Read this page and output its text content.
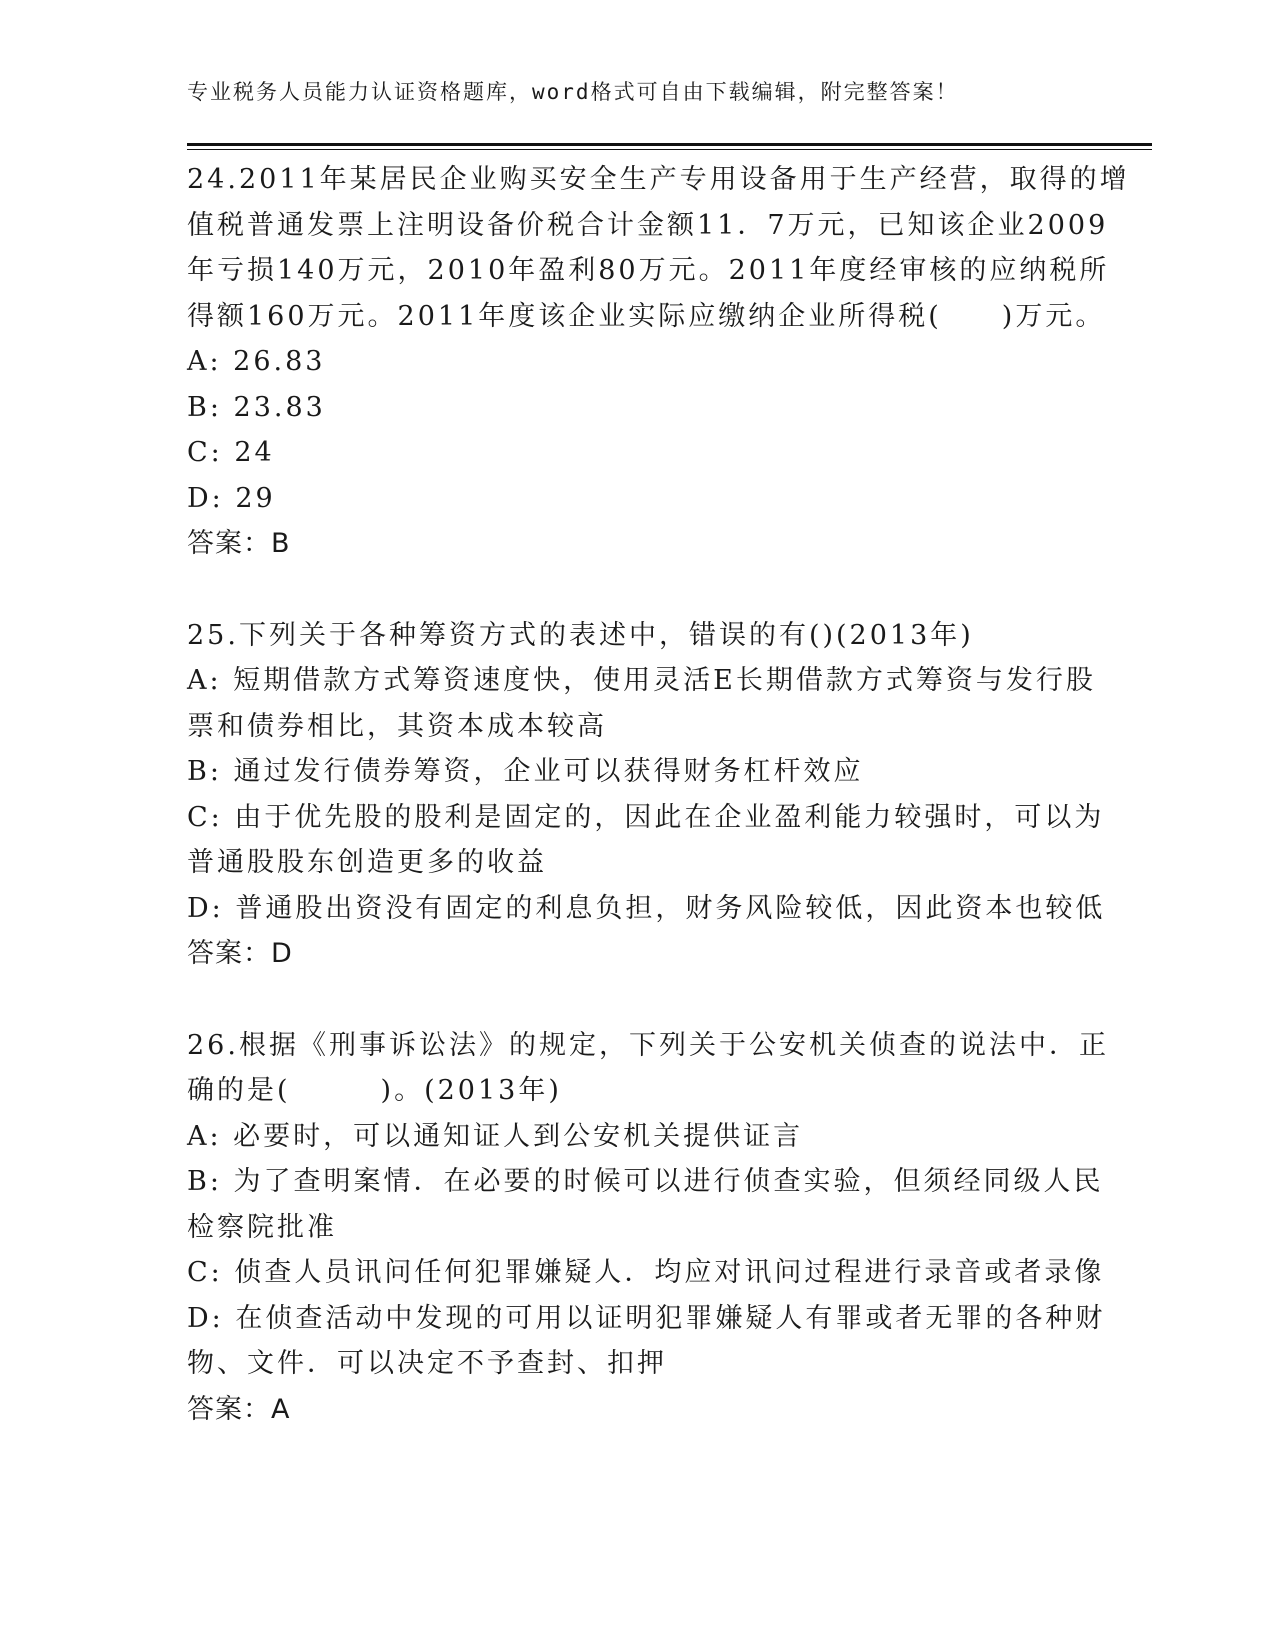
专业税务人员能力认证资格题库，word格式可自由下载编辑，附完整答案！
24.2011年某居民企业购买安全生产专用设备用于生产经营，取得的增
值税普通发票上注明设备价税合计金额11．7万元，已知该企业2009
年亏损140万元，2010年盈利80万元。2011年度经审核的应纳税所
得额160万元。2011年度该企业实际应缴纳企业所得税(　　)万元。
A: 26.83
B: 23.83
C: 24
D: 29
答案：B
25.下列关于各种筹资方式的表述中，错误的有()(2013年)
A: 短期借款方式筹资速度快，使用灵活E长期借款方式筹资与发行股
票和债券相比，其资本成本较高
B: 通过发行债券筹资，企业可以获得财务杠杆效应
C: 由于优先股的股利是固定的，因此在企业盈利能力较强时，可以为
普通股股东创造更多的收益
D: 普通股出资没有固定的利息负担，财务风险较低，因此资本也较低
答案：D
26.根据《刑事诉讼法》的规定，下列关于公安机关侦查的说法中．正
确的是(　　　)。(2013年)
A: 必要时，可以通知证人到公安机关提供证言
B: 为了查明案情．在必要的时候可以进行侦查实验，但须经同级人民
检察院批准
C: 侦查人员讯问任何犯罪嫌疑人．均应对讯问过程进行录音或者录像
D: 在侦查活动中发现的可用以证明犯罪嫌疑人有罪或者无罪的各种财
物、文件．可以决定不予查封、扣押
答案：A
